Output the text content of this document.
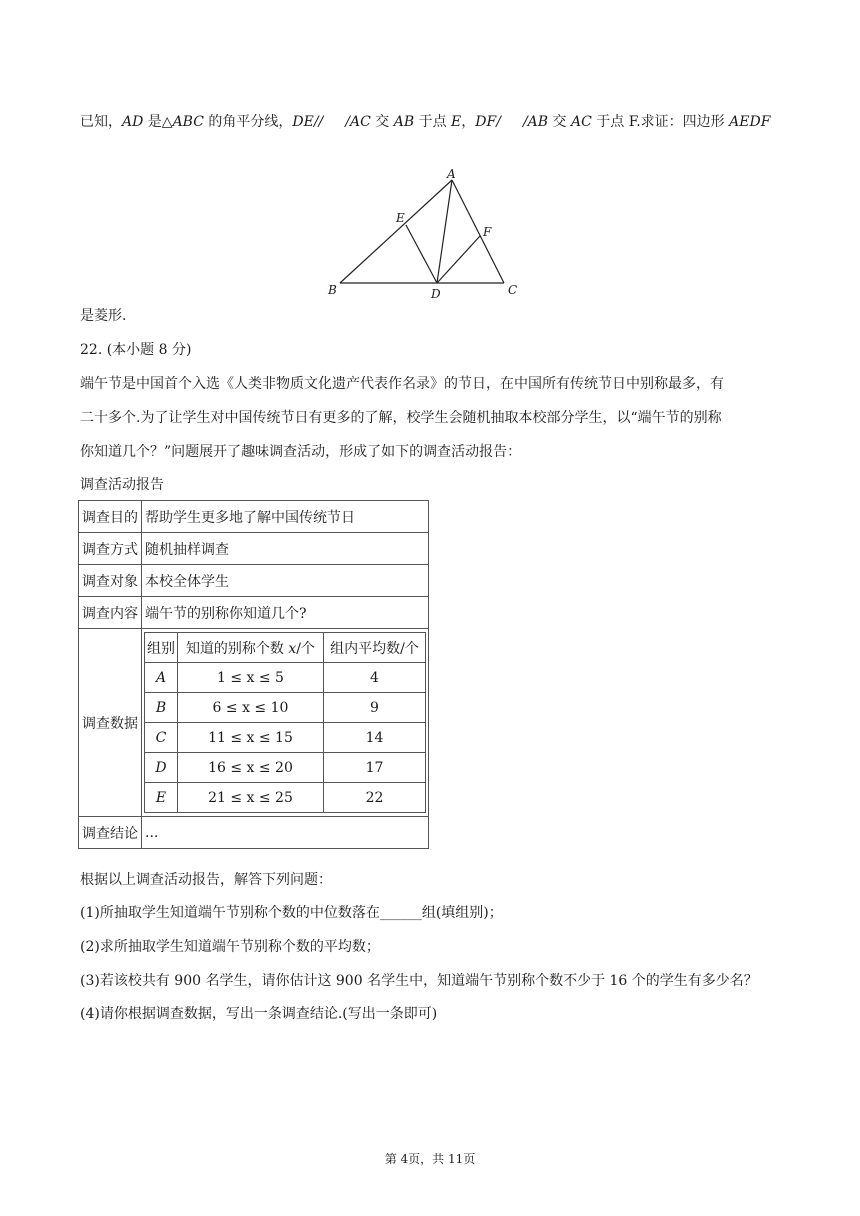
已知，AD 是△ABC 的角平分线，DE// /AC 交 AB 于点 E，DF/ /AB 交 AC 于点 F.求证：四边形 AEDF
A
B	C
D
E
F
是菱形.
22. (本小题 8 分)
端午节是中国首个入选《人类非物质文化遗产代表作名录》的节日，在中国所有传统节日中别称最多，有
二十多个.为了让学生对中国传统节日有更多的了解，校学生会随机抽取本校部分学生，以“端午节的别称
你知道几个？”问题展开了趣味调查活动，形成了如下的调查活动报告：
调查活动报告
调查目的	帮助学生更多地了解中国传统节日
调查方式	随机抽样调查
调查对象	本校全体学生
调查内容	端午节的别称你知道几个?
调查数据	
组别	知道的别称个数 x/个	组内平均数/个
A	1 ≤ x ≤ 5	4
B	6 ≤ x ≤ 10	9
C	11 ≤ x ≤ 15	14
D	16 ≤ x ≤ 20	17
E	21 ≤ x ≤ 25	22

调查结论	...
根据以上调查活动报告，解答下列问题：
(1)所抽取学生知道端午节别称个数的中位数落在______组(填组别)；
(2)求所抽取学生知道端午节别称个数的平均数；
(3)若该校共有 900 名学生，请你估计这 900 名学生中，知道端午节别称个数不少于 16 个的学生有多少名？
(4)请你根据调查数据，写出一条调查结论.(写出一条即可)
第 4页，共 11页
